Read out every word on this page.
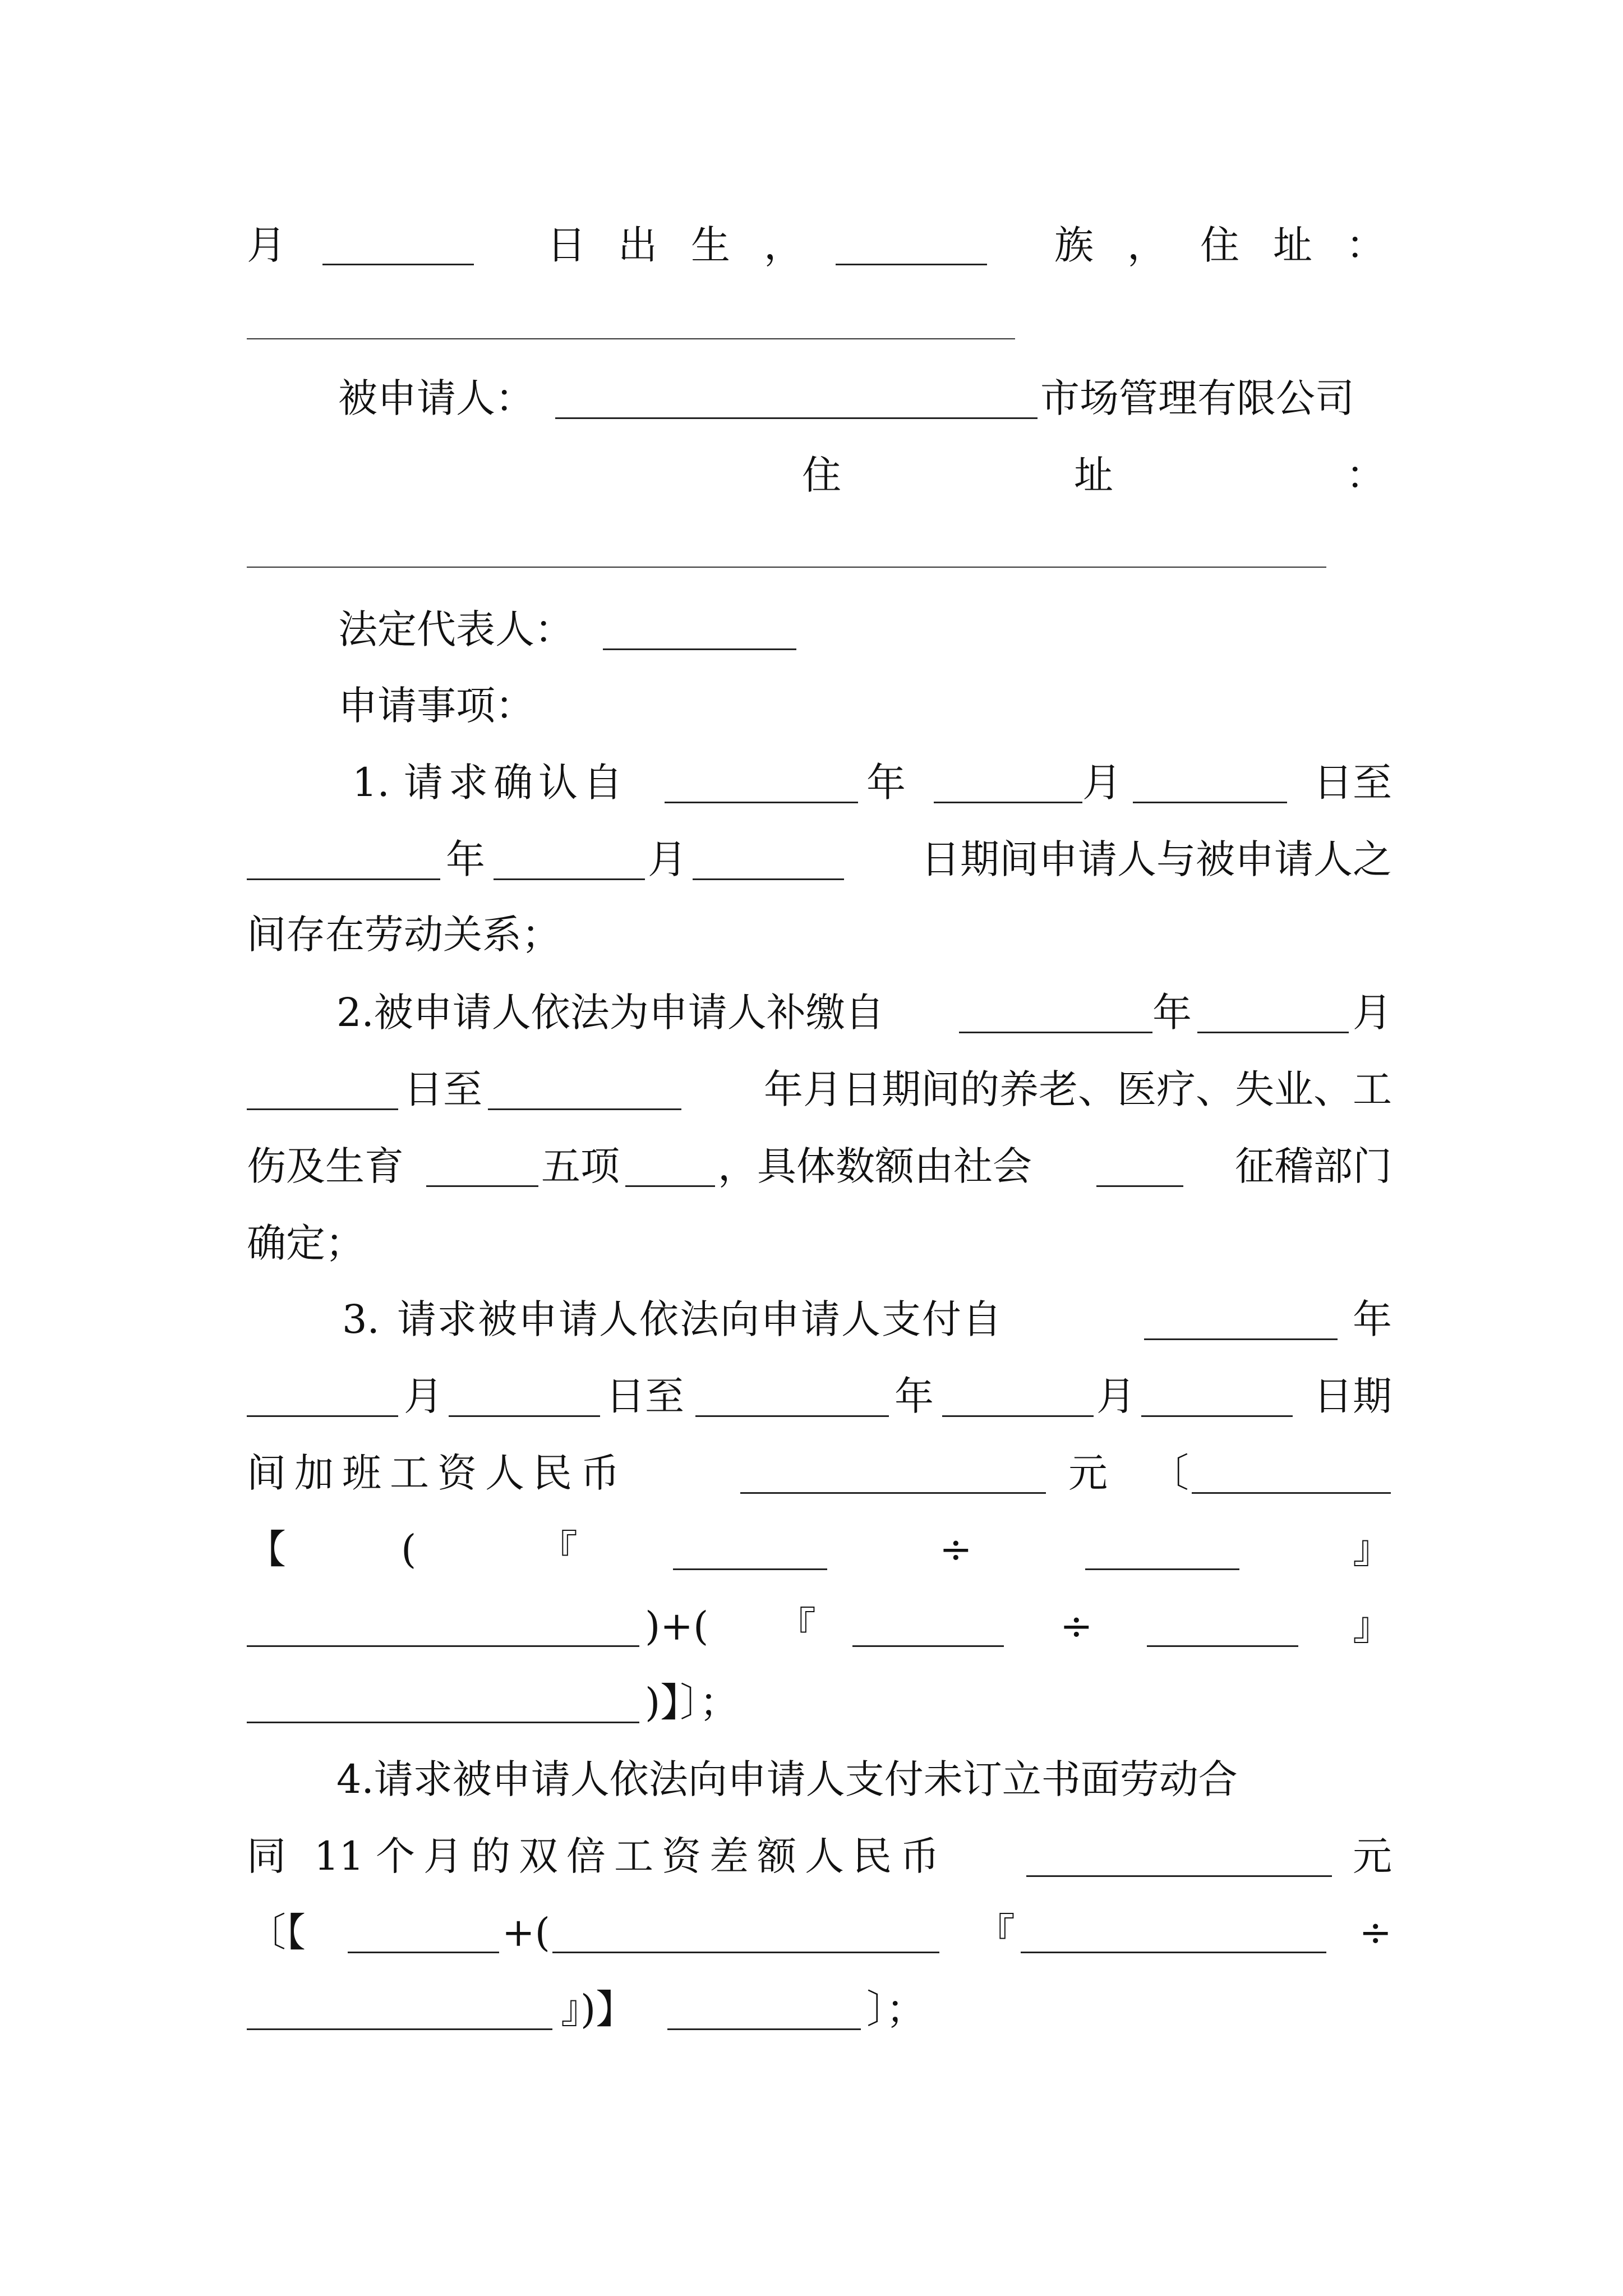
月	日 出 生 ，	族 ， 住 址 ：
被申请人：	市场管理有限公司
住	址	：
法定代表人：
申请事项：
1. 请 求 确 认 自	年	月	日至
年	月	日期间申请人与被申请人之
间存在劳动关系；
2.被申请人依法为申请人补缴自	年	月
日至	年月日期间的养老、医疗、失业、工
伤及生育	五项	，具体数额由社会	征稽部门
确定；
3. 请 求 被 申 请 人 依 法 向 申 请 人 支 付 自	年
月	日至	年	月	日期
间 加 班 工 资 人 民 币	元 〔
【	(	『	÷	』
)+( 『	÷	』
)】〕；
4.请求被申请人依法向申请人支付未订立书面劳动合
同 11 个 月 的 双 倍 工 资 差 额 人 民 币	元
〔【	+(	『	÷
』)】	〕；
